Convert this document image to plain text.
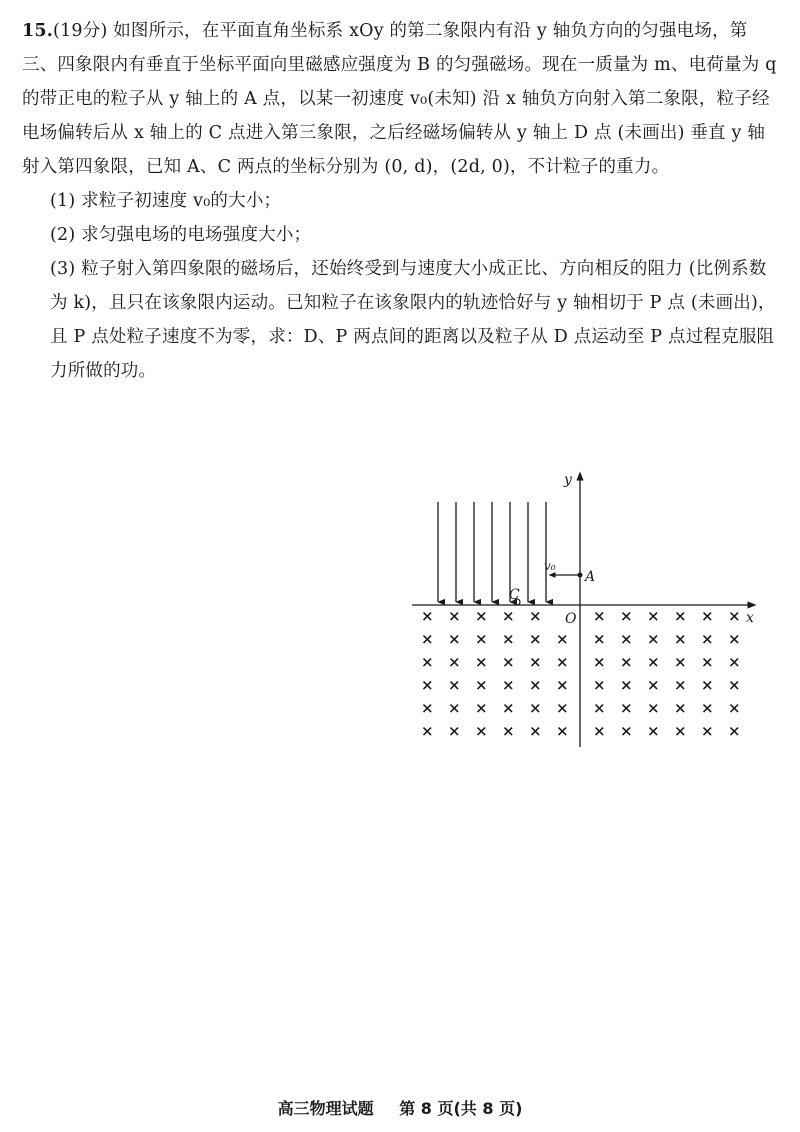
15.(19分) 如图所示，在平面直角坐标系 xOy 的第二象限内有沿 y 轴负方向的匀强电场，第三、四象限内有垂直于坐标平面向里磁感应强度为 B 的匀强磁场。现在一质量为 m、电荷量为 q 的带正电的粒子从 y 轴上的 A 点，以某一初速度 v₀(未知) 沿 x 轴负方向射入第二象限，粒子经电场偏转后从 x 轴上的 C 点进入第三象限，之后经磁场偏转从 y 轴上 D 点 (未画出) 垂直 y 轴射入第四象限，已知 A、C 两点的坐标分别为 (0, d)，(2d, 0)，不计粒子的重力。

(1) 求粒子初速度 v₀的大小；

(2) 求匀强电场的电场强度大小；

(3) 粒子射入第四象限的磁场后，还始终受到与速度大小成正比、方向相反的阻力 (比例系数为 k)，且只在该象限内运动。已知粒子在该象限内的轨迹恰好与 y 轴相切于 P 点 (未画出)，且 P 点处粒子速度不为零，求：D、P 两点间的距离以及粒子从 D 点运动至 P 点过程克服阻力所做的功。

y
x
O
C
v₀
A
× × × × ×	× × × × × ×
× × × × × × × × × × × ×
× × × × × × × × × × × ×
× × × × × × × × × × × ×
× × × × × × × × × × × ×
× × × × × × × × × × × ×
高三物理试题 第 8 页(共 8 页)
